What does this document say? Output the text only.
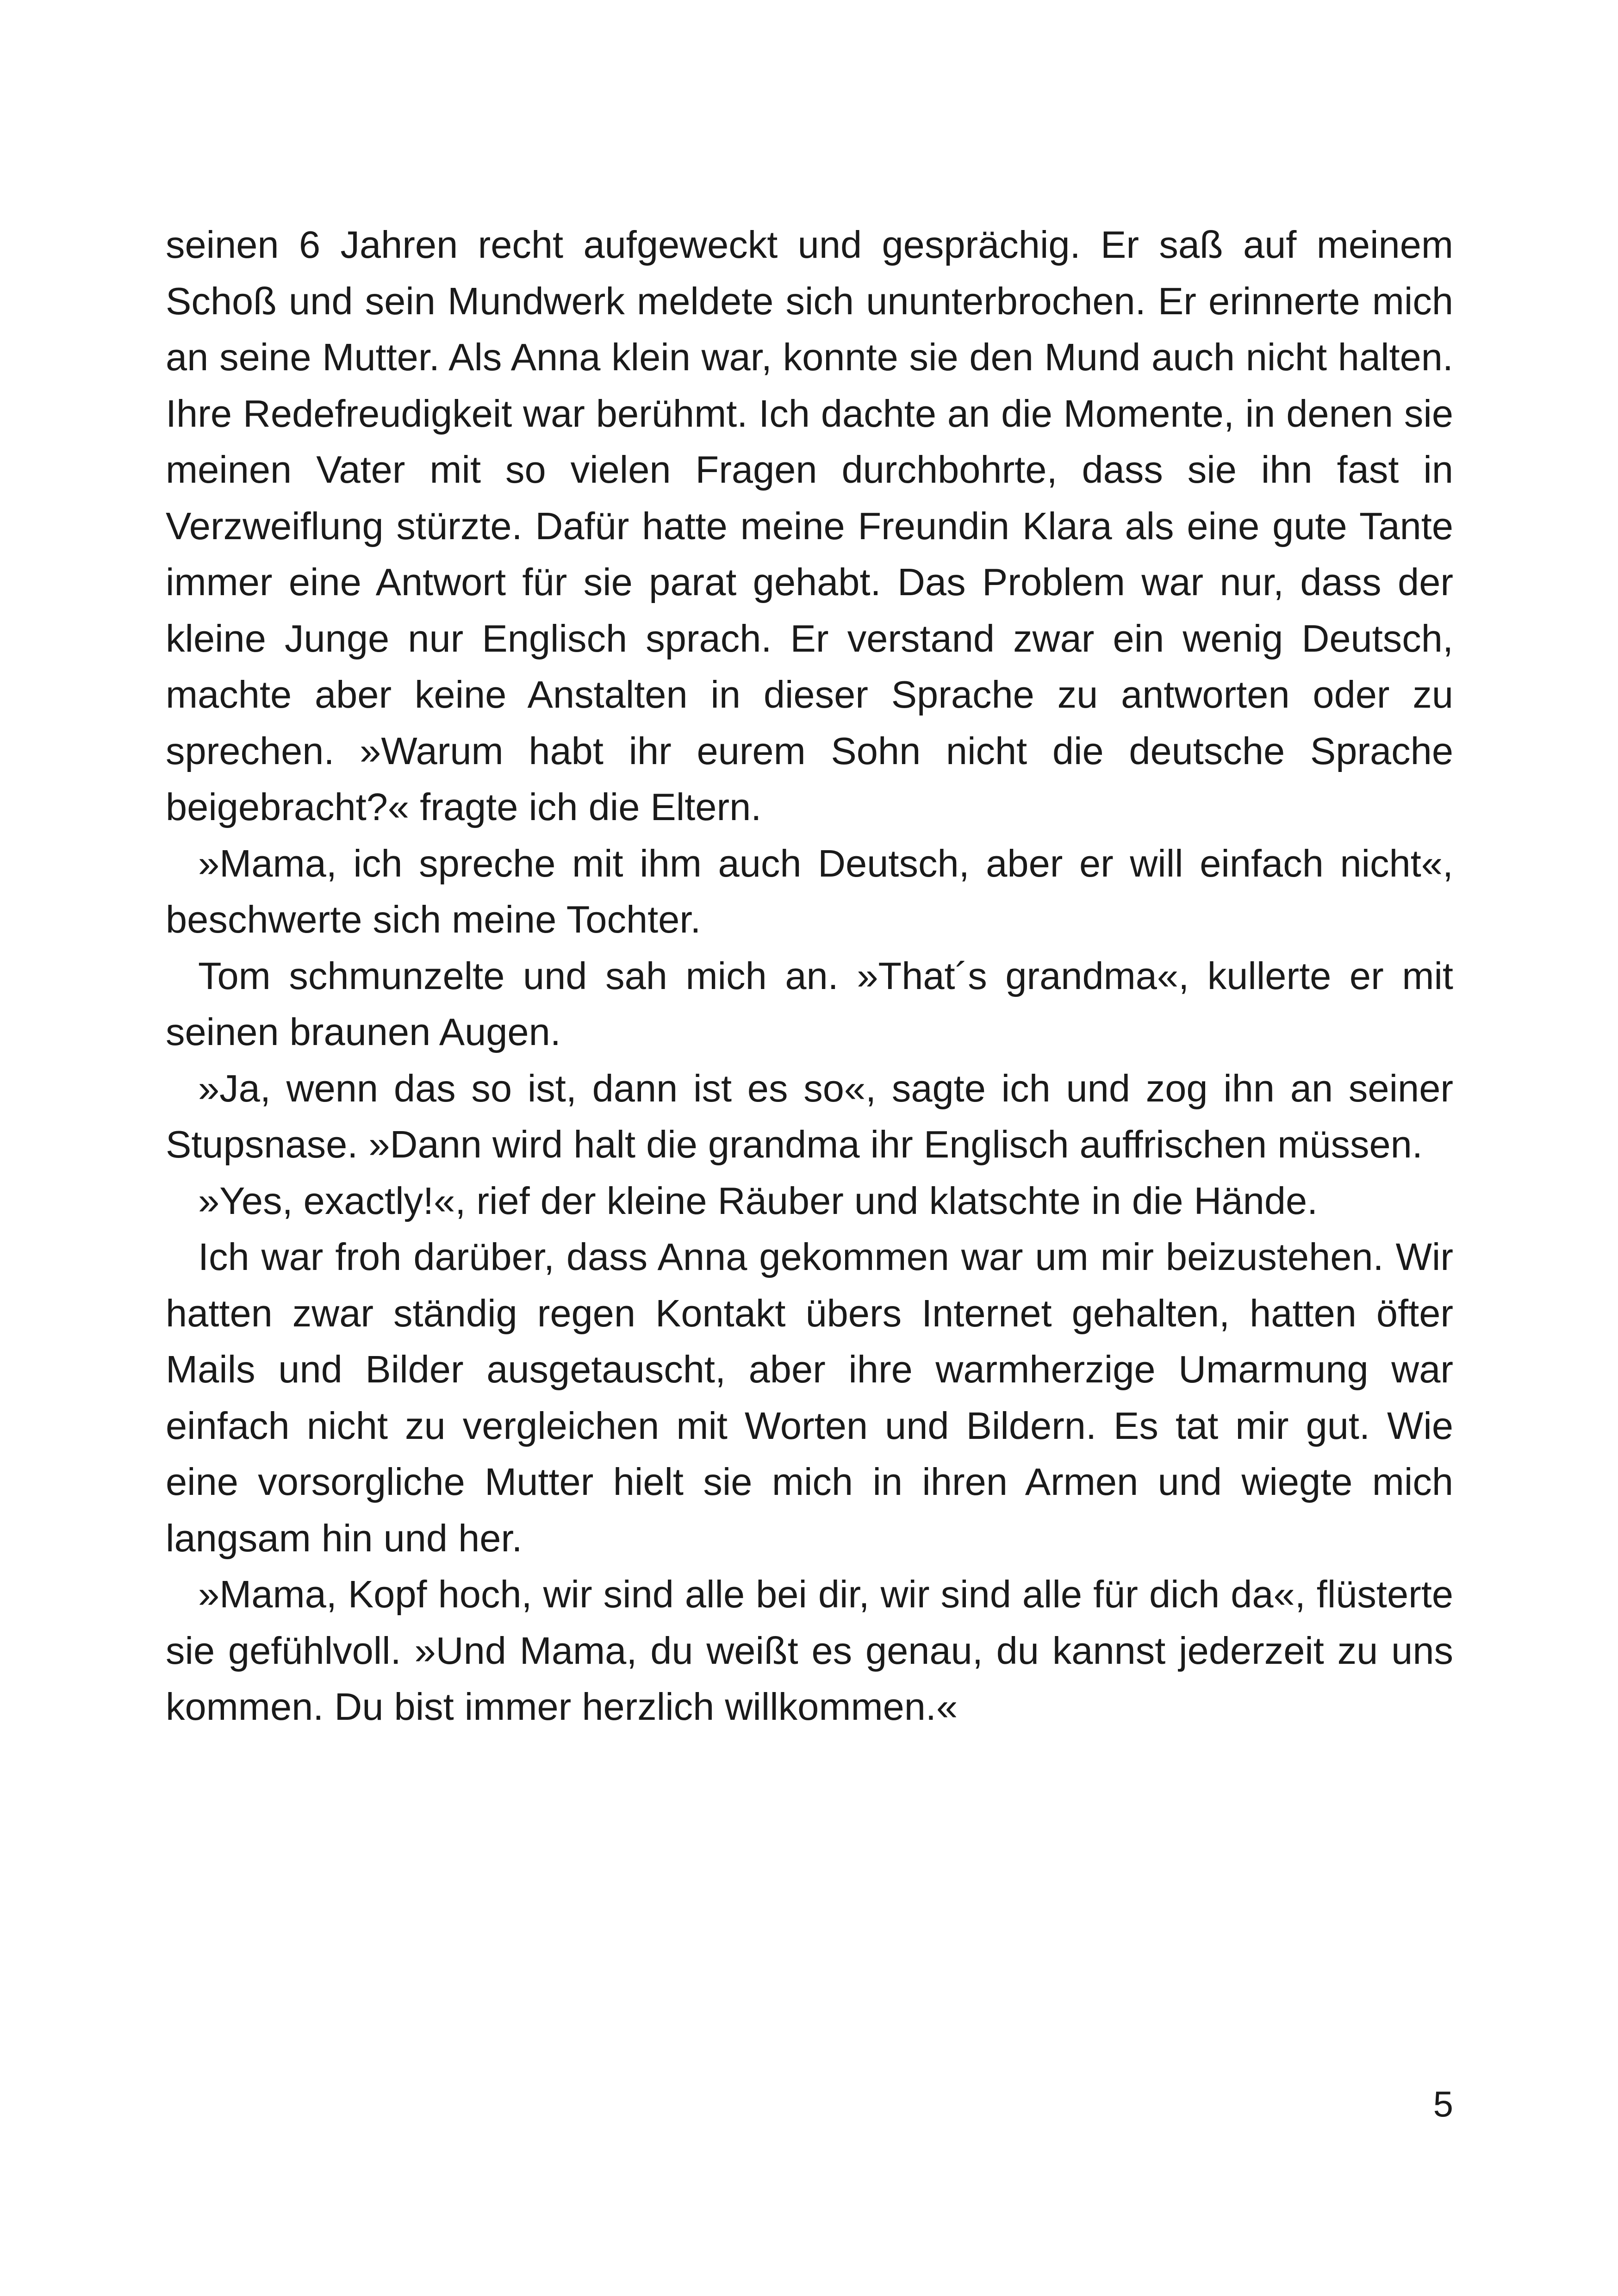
seinen 6 Jahren recht aufgeweckt und gesprächig. Er saß auf meinem Schoß und sein Mundwerk meldete sich ununterbrochen. Er erinnerte mich an seine Mutter. Als Anna klein war, konnte sie den Mund auch nicht halten. Ihre Redefreudigkeit war berühmt. Ich dachte an die Momente, in denen sie meinen Vater mit so vielen Fragen durchbohrte, dass sie ihn fast in Verzweiflung stürzte. Dafür hatte meine Freundin Klara als eine gute Tante immer eine Antwort für sie parat gehabt. Das Problem war nur, dass der kleine Junge nur Englisch sprach. Er verstand zwar ein wenig Deutsch, machte aber keine Anstalten in dieser Sprache zu antworten oder zu sprechen. »Warum habt ihr eurem Sohn nicht die deutsche Sprache beigebracht?« fragte ich die Eltern.

»Mama, ich spreche mit ihm auch Deutsch, aber er will einfach nicht«, beschwerte sich meine Tochter.

Tom schmunzelte und sah mich an. »That´s grandma«, kullerte er mit seinen braunen Augen.

»Ja, wenn das so ist, dann ist es so«, sagte ich und zog ihn an seiner Stupsnase. »Dann wird halt die grandma ihr Englisch auffrischen müssen.

»Yes, exactly!«, rief der kleine Räuber und klatschte in die Hände.

Ich war froh darüber, dass Anna gekommen war um mir beizustehen. Wir hatten zwar ständig regen Kontakt übers Internet gehalten, hatten öfter Mails und Bilder ausgetauscht, aber ihre warmherzige Umarmung war einfach nicht zu vergleichen mit Worten und Bildern. Es tat mir gut. Wie eine vorsorgliche Mutter hielt sie mich in ihren Armen und wiegte mich langsam hin und her.

»Mama, Kopf hoch, wir sind alle bei dir, wir sind alle für dich da«, flüsterte sie gefühlvoll. »Und Mama, du weißt es genau, du kannst jederzeit zu uns kommen. Du bist immer herzlich willkommen.«

5
